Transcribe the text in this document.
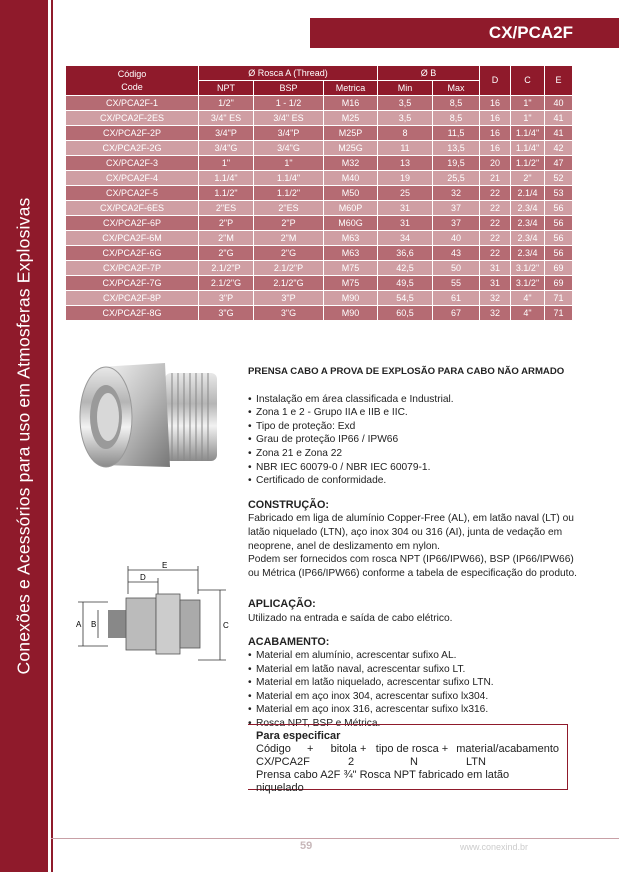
Conexões e Acessórios para uso em Atmosferas Explosivas
CX/PCA2F
Código
Code	Ø Rosca A (Thread)			Ø B		D	C	E
	NPT	BSP	Metrica	Min	Max			
CX/PCA2F-1	1/2"	1 - 1/2	M16	3,5	8,5	16	1"	40
CX/PCA2F-2ES	3/4" ES	3/4" ES	M25	3,5	8,5	16	1"	41
CX/PCA2F-2P	3/4"P	3/4"P	M25P	8	11,5	16	1.1/4"	41
CX/PCA2F-2G	3/4"G	3/4"G	M25G	11	13,5	16	1.1/4"	42
CX/PCA2F-3	1"	1"	M32	13	19,5	20	1.1/2"	47
CX/PCA2F-4	1.1/4"	1.1/4"	M40	19	25,5	21	2"	52
CX/PCA2F-5	1.1/2"	1.1/2"	M50	25	32	22	2.1/4	53
CX/PCA2F-6ES	2"ES	2"ES	M60P	31	37	22	2.3/4	56
CX/PCA2F-6P	2"P	2"P	M60G	31	37	22	2.3/4	56
CX/PCA2F-6M	2"M	2"M	M63	34	40	22	2.3/4	56
CX/PCA2F-6G	2"G	2"G	M63	36,6	43	22	2.3/4	56
CX/PCA2F-7P	2.1/2"P	2.1/2"P	M75	42,5	50	31	3.1/2"	69
CX/PCA2F-7G	2.1/2"G	2.1/2"G	M75	49,5	55	31	3.1/2"	69
CX/PCA2F-8P	3"P	3"P	M90	54,5	61	32	4"	71
CX/PCA2F-8G	3"G	3"G	M90	60,5	67	32	4"	71
E
D
A B	C

PRENSA CABO A PROVA DE EXPLOSÃO PARA CABO NÃO ARMADO

• Instalação em área classificada e Industrial.
• Zona 1 e 2 - Grupo IIA e IIB e IIC.
• Tipo de proteção: Exd
• Grau de proteção IP66 / IPW66
• Zona 21 e Zona 22
• NBR IEC 60079-0 / NBR IEC 60079-1.
• Certificado de conformidade.

CONSTRUÇÃO:

Fabricado em liga de alumínio Copper-Free (AL), em latão naval (LT) ou latão niquelado (LTN), aço inox 304 ou 316 (AI), junta de vedação em neoprene, anel de deslizamento em nylon.

Podem ser fornecidos com rosca NPT (IP66/IPW66), BSP (IP66/IPW66) ou Métrica (IP66/IPW66) conforme a tabela de especificação do produto.

APLICAÇÃO:

Utilizado na entrada e saída de cabo elétrico.

ACABAMENTO:

• Material em alumínio, acrescentar sufixo AL.
• Material em latão naval, acrescentar sufixo LT.
• Material em latão niquelado, acrescentar sufixo LTN.
• Material em aço inox 304, acrescentar sufixo lx304.
• Material em aço inox 316, acrescentar sufixo lx316.
• Rosca NPT, BSP e Métrica.
Para especificar
Código	+	bitola + tipo de rosca + material/acabamento
CX/PCA2F	2	N	LTN
Prensa cabo A2F ¾" Rosca NPT fabricado em latão niquelado
59	www.conexind.br
